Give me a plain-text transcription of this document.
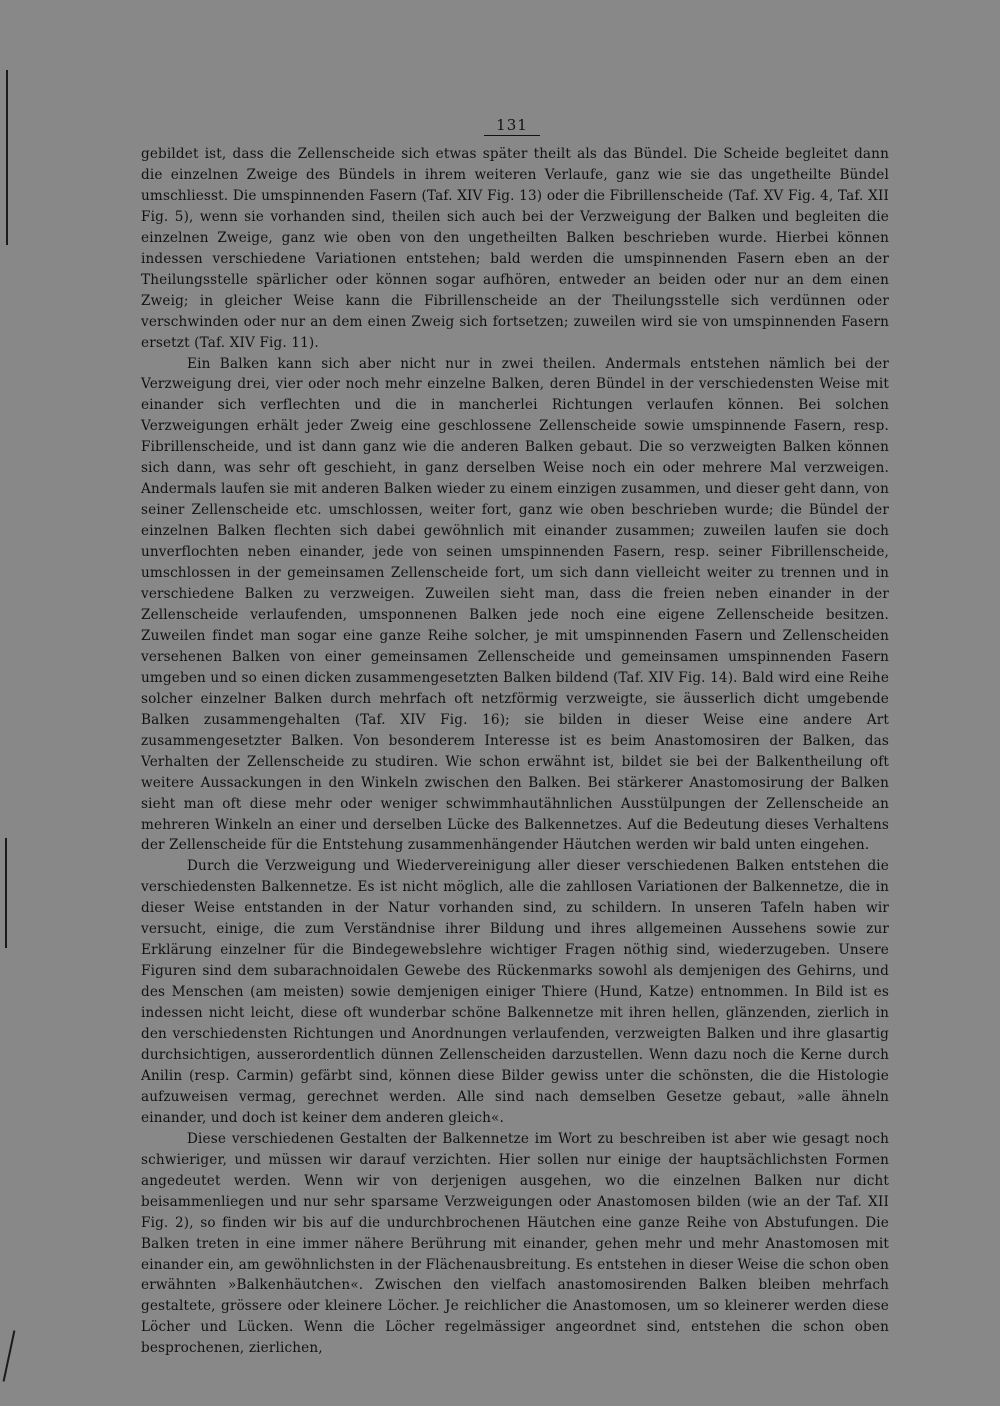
131

gebildet ist, dass die Zellenscheide sich etwas später theilt als das Bündel. Die Scheide begleitet dann die einzelnen Zweige des Bündels in ihrem weiteren Verlaufe, ganz wie sie das ungetheilte Bündel umschliesst. Die umspinnenden Fasern (Taf. XIV Fig. 13) oder die Fibrillenscheide (Taf. XV Fig. 4, Taf. XII Fig. 5), wenn sie vorhanden sind, theilen sich auch bei der Verzweigung der Balken und begleiten die einzelnen Zweige, ganz wie oben von den ungetheilten Balken beschrieben wurde. Hierbei können indessen verschiedene Variationen entstehen; bald werden die umspinnenden Fasern eben an der Theilungsstelle spärlicher oder können sogar aufhören, entweder an beiden oder nur an dem einen Zweig; in gleicher Weise kann die Fibrillenscheide an der Theilungsstelle sich verdünnen oder verschwinden oder nur an dem einen Zweig sich fortsetzen; zuweilen wird sie von umspinnenden Fasern ersetzt (Taf. XIV Fig. 11).

Ein Balken kann sich aber nicht nur in zwei theilen. Andermals entstehen nämlich bei der Verzweigung drei, vier oder noch mehr einzelne Balken, deren Bündel in der verschiedensten Weise mit einander sich verflechten und die in mancherlei Richtungen verlaufen können. Bei solchen Verzweigungen erhält jeder Zweig eine geschlossene Zellenscheide sowie umspinnende Fasern, resp. Fibrillenscheide, und ist dann ganz wie die anderen Balken gebaut. Die so verzweigten Balken können sich dann, was sehr oft geschieht, in ganz derselben Weise noch ein oder mehrere Mal verzweigen. Andermals laufen sie mit anderen Balken wieder zu einem einzigen zusammen, und dieser geht dann, von seiner Zellenscheide etc. umschlossen, weiter fort, ganz wie oben beschrieben wurde; die Bündel der einzelnen Balken flechten sich dabei gewöhnlich mit einander zusammen; zuweilen laufen sie doch unverflochten neben einander, jede von seinen umspinnenden Fasern, resp. seiner Fibrillenscheide, umschlossen in der gemeinsamen Zellenscheide fort, um sich dann vielleicht weiter zu trennen und in verschiedene Balken zu verzweigen. Zuweilen sieht man, dass die freien neben einander in der Zellenscheide verlaufenden, umsponnenen Balken jede noch eine eigene Zellenscheide besitzen. Zuweilen findet man sogar eine ganze Reihe solcher, je mit umspinnenden Fasern und Zellenscheiden versehenen Balken von einer gemeinsamen Zellenscheide und gemeinsamen umspinnenden Fasern umgeben und so einen dicken zusammengesetzten Balken bildend (Taf. XIV Fig. 14). Bald wird eine Reihe solcher einzelner Balken durch mehrfach oft netzförmig verzweigte, sie äusserlich dicht umgebende Balken zusammengehalten (Taf. XIV Fig. 16); sie bilden in dieser Weise eine andere Art zusammengesetzter Balken. Von besonderem Interesse ist es beim Anastomosiren der Balken, das Verhalten der Zellenscheide zu studiren. Wie schon erwähnt ist, bildet sie bei der Balkentheilung oft weitere Aussackungen in den Winkeln zwischen den Balken. Bei stärkerer Anastomosirung der Balken sieht man oft diese mehr oder weniger schwimmhautähnlichen Ausstülpungen der Zellenscheide an mehreren Winkeln an einer und derselben Lücke des Balkennetzes. Auf die Bedeutung dieses Verhaltens der Zellenscheide für die Entstehung zusammenhängender Häutchen werden wir bald unten eingehen.

Durch die Verzweigung und Wiedervereinigung aller dieser verschiedenen Balken entstehen die verschiedensten Balkennetze. Es ist nicht möglich, alle die zahllosen Variationen der Balkennetze, die in dieser Weise entstanden in der Natur vorhanden sind, zu schildern. In unseren Tafeln haben wir versucht, einige, die zum Verständnise ihrer Bildung und ihres allgemeinen Aussehens sowie zur Erklärung einzelner für die Bindegewebslehre wichtiger Fragen nöthig sind, wiederzugeben. Unsere Figuren sind dem subarachnoidalen Gewebe des Rückenmarks sowohl als demjenigen des Gehirns, und des Menschen (am meisten) sowie demjenigen einiger Thiere (Hund, Katze) entnommen. In Bild ist es indessen nicht leicht, diese oft wunderbar schöne Balkennetze mit ihren hellen, glänzenden, zierlich in den verschiedensten Richtungen und Anordnungen verlaufenden, verzweigten Balken und ihre glasartig durchsichtigen, ausserordentlich dünnen Zellenscheiden darzustellen. Wenn dazu noch die Kerne durch Anilin (resp. Carmin) gefärbt sind, können diese Bilder gewiss unter die schönsten, die die Histologie aufzuweisen vermag, gerechnet werden. Alle sind nach demselben Gesetze gebaut, »alle ähneln einander, und doch ist keiner dem anderen gleich«.

Diese verschiedenen Gestalten der Balkennetze im Wort zu beschreiben ist aber wie gesagt noch schwieriger, und müssen wir darauf verzichten. Hier sollen nur einige der hauptsächlichsten Formen angedeutet werden. Wenn wir von derjenigen ausgehen, wo die einzelnen Balken nur dicht beisammenliegen und nur sehr sparsame Verzweigungen oder Anastomosen bilden (wie an der Taf. XII Fig. 2), so finden wir bis auf die undurchbrochenen Häutchen eine ganze Reihe von Abstufungen. Die Balken treten in eine immer nähere Berührung mit einander, gehen mehr und mehr Anastomosen mit einander ein, am gewöhnlichsten in der Flächenausbreitung. Es entstehen in dieser Weise die schon oben erwähnten »Balkenhäutchen«. Zwischen den vielfach anastomosirenden Balken bleiben mehrfach gestaltete, grössere oder kleinere Löcher. Je reichlicher die Anastomosen, um so kleinerer werden diese Löcher und Lücken. Wenn die Löcher regelmässiger angeordnet sind, entstehen die schon oben besprochenen, zierlichen,
